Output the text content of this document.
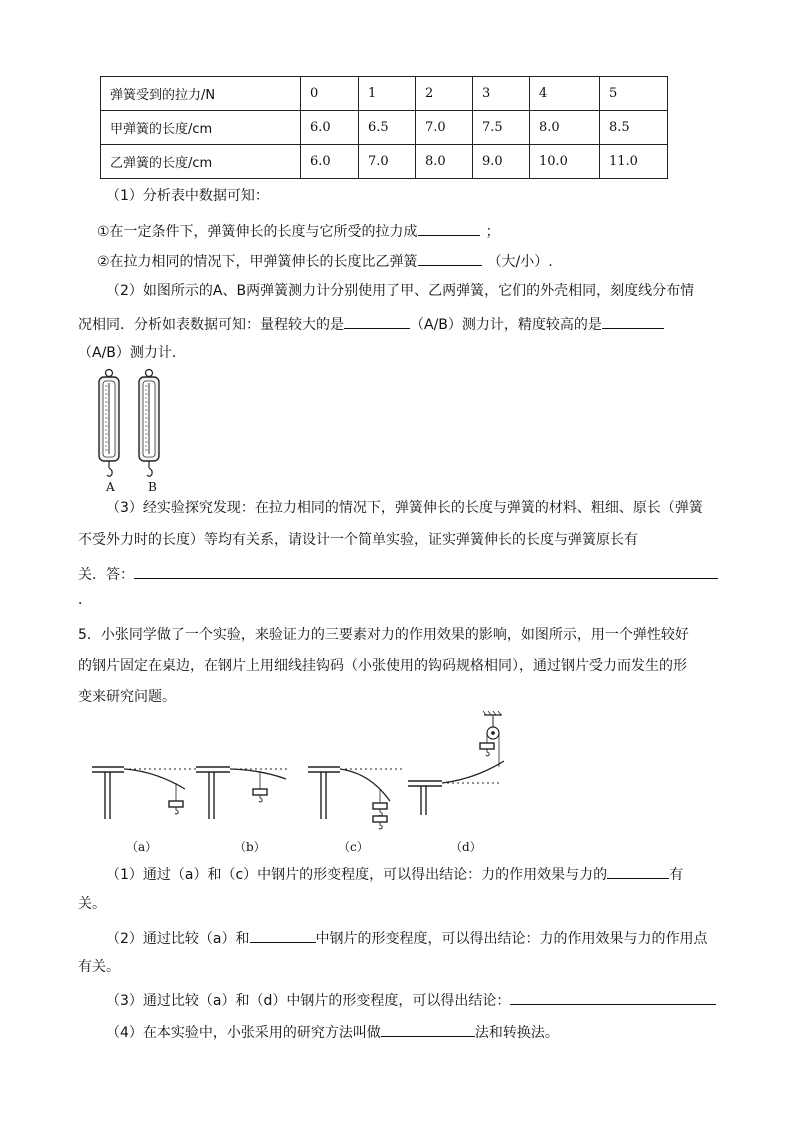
弹簧受到的拉力/N	0	1	2	3	4	5
甲弹簧的长度/cm	6.0	6.5	7.0	7.5	8.0	8.5
乙弹簧的长度/cm	6.0	7.0	8.0	9.0	10.0	11.0
（1）分析表中数据可知：
①在一定条件下，弹簧伸长的长度与它所受的拉力成	；
②在拉力相同的情况下，甲弹簧伸长的长度比乙弹簧	（大/小）.
（2）如图所示的A、B两弹簧测力计分别使用了甲、乙两弹簧，它们的外壳相同，刻度线分布情
况相同．分析如表数据可知：量程较大的是	（A/B）测力计，精度较高的是
（A/B）测力计．
A	B
（3）经实验探究发现：在拉力相同的情况下，弹簧伸长的长度与弹簧的材料、粗细、原长（弹簧
不受外力时的长度）等均有关系，请设计一个简单实验，证实弹簧伸长的长度与弹簧原长有
关．答：
．
5．小张同学做了一个实验，来验证力的三要素对力的作用效果的影响，如图所示，用一个弹性较好
的钢片固定在桌边，在钢片上用细线挂钩码（小张使用的钩码规格相同），通过钢片受力而发生的形
变来研究问题。
（a）	（b）	（c）	（d）
（1）通过（a）和（c）中钢片的形变程度，可以得出结论：力的作用效果与力的	有
关。
（2）通过比较（a）和	中钢片的形变程度，可以得出结论：力的作用效果与力的作用点
有关。
（3）通过比较（a）和（d）中钢片的形变程度，可以得出结论：
（4）在本实验中，小张采用的研究方法叫做	法和转换法。
